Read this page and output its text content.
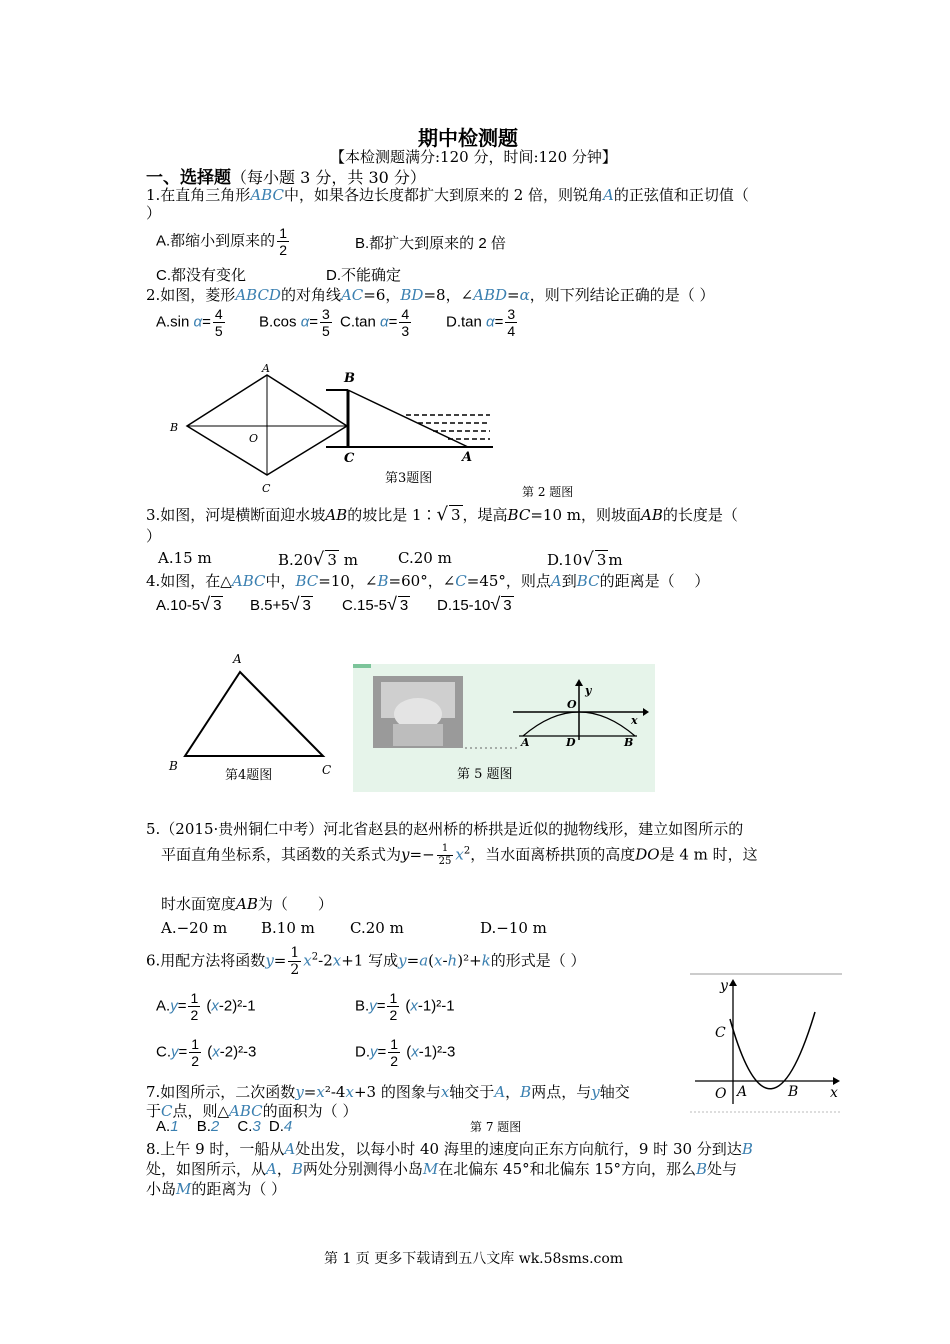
期中检测题
【本检测题满分:120 分，时间:120 分钟】
一、选择题（每小题 3 分，共 30 分）
1.在直角三角形ABC中，如果各边长度都扩大到原来的 2 倍，则锐角A的正弦值和正切值（
）
A.都缩小到原来的 $\frac{1}{2}$	B.都扩大到原来的 2 倍
C.都没有变化	D.不能确定
2.如图，菱形ABCD的对角线AC=6，BD=8，∠ABD=α，则下列结论正确的是（ ）
A.sin $\alpha= \frac{4}{5} B.\cos$ $\alpha= \frac{3}{5} C.\tan$ $\alpha= \frac{4}{3} D.\tan$ $\alpha= \frac{3}{4}$
A
B
C
O
B
C	A
第3题图
第 2 题图
3.如图，河堤横断面迎水坡AB的坡比是 1∶√ 3 ，堤高BC=10 m，则坡面AB的长度是（
）
A.15 m	B.20√ 3 m	C.20 m	D.10√ 3 m
4.如图，在△ABC中，BC=10，∠B=60°，∠C=45°，则点A到BC的距离是（　 ）
A.10-5√ 3 B.5+5√ 3 C.15-5√ 3 D.15-10√ 3
A
B	C
第4题图
O
y
x
A	D	B
第 5 题图
5.（2015·贵州铜仁中考）河北省赵县的赵州桥的桥拱是近似的抛物线形，建立如图所示的
平面直角坐标系，其函数的关系式为$y=- \frac{1}{25} x^2$，当水面离桥拱顶的高度DO是 4 m 时，这
时水面宽度AB为（　　）
A.−20 m B.10 m C.20 m	D.−10 m
6.用配方法将函数$y= \frac{1}{2} x^2-2x+1$ 写成y=a(x-h)²+k的形式是（ ）
$A.y= \frac{1}{2} (x-2)^2-1$	$B.y= \frac{1}{2} (x-1)^2-1$
$C.y= \frac{1}{2} (x-2)^2-3$	$D.y= \frac{1}{2} (x-1)^2-3$
y
x
C
O A	B
7.如图所示，二次函数y=x²-4x+3 的图象与x轴交于A，B两点，与y轴交
于C点，则△ABC的面积为（ ）
第 7 题图
A.1 B.2 C.3 D.4
8.上午 9 时，一船从A处出发，以每小时 40 海里的速度向正东方向航行，9 时 30 分到达B
处，如图所示，从A，B两处分别测得小岛M在北偏东 45°和北偏东 15°方向，那么B处与
小岛M的距离为（ ）
第 1 页 更多下载请到五八文库 wk.58sms.com
